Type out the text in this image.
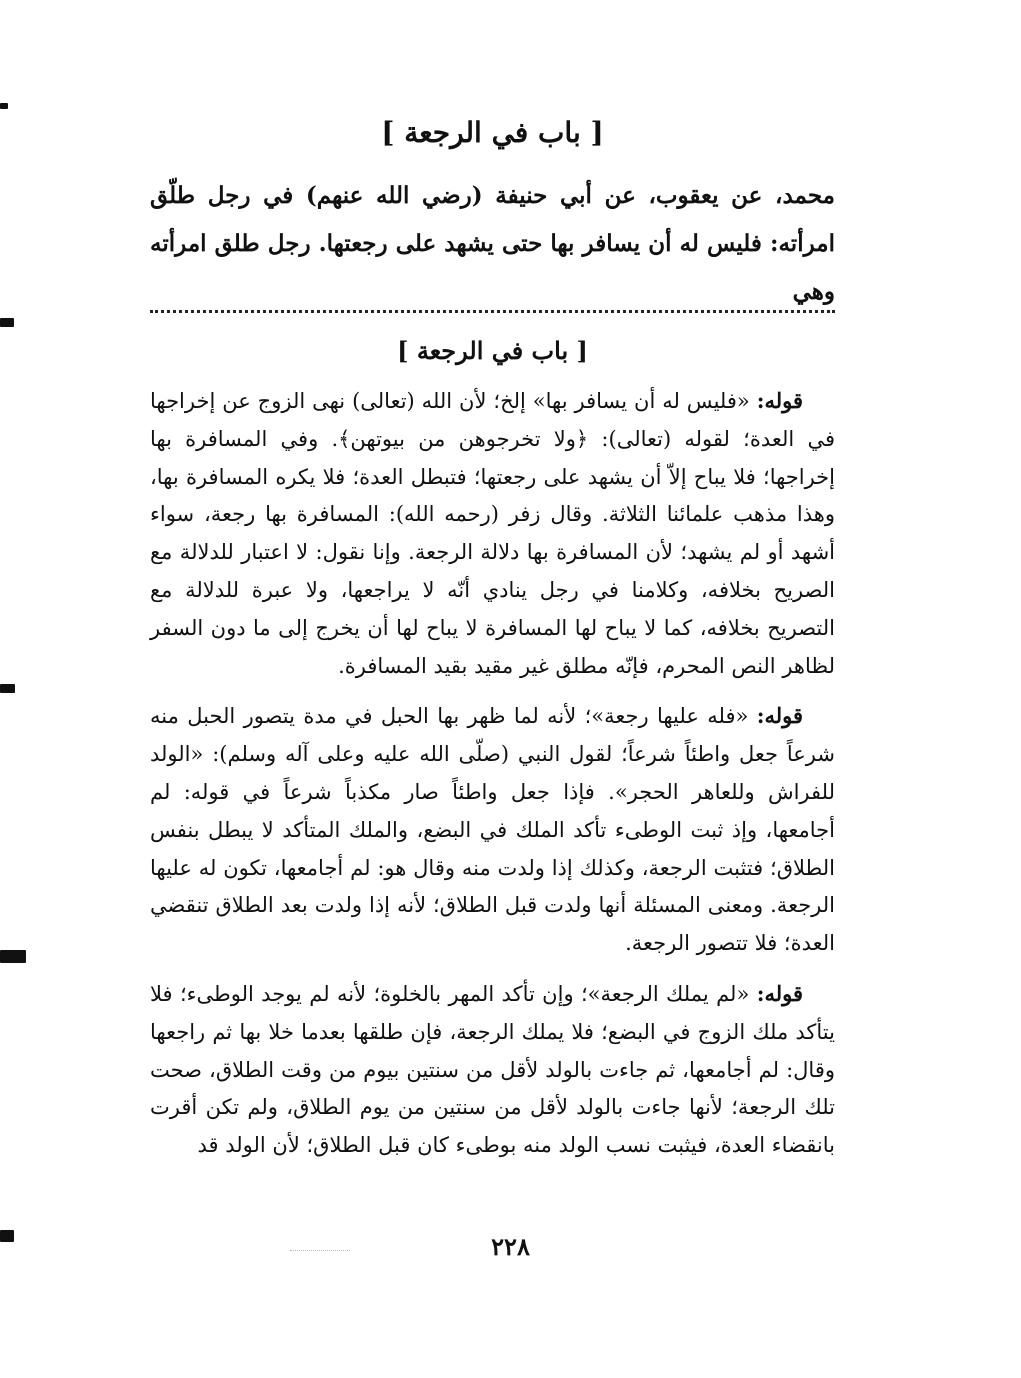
[ باب في الرجعة ]
محمد، عن يعقوب، عن أبي حنيفة (رضي الله عنهم) في رجل طلّق امرأته: فليس له أن يسافر بها حتى يشهد على رجعتها. رجل طلق امرأته وهي
[ باب في الرجعة ]

قوله: «فليس له أن يسافر بها» إلخ؛ لأن الله (تعالى) نهى الزوج عن إخراجها في العدة؛ لقوله (تعالى): ﴿ولا تخرجوهن من بيوتهن﴾. وفي المسافرة بها إخراجها؛ فلا يباح إلاّ أن يشهد على رجعتها؛ فتبطل العدة؛ فلا يكره المسافرة بها، وهذا مذهب علمائنا الثلاثة. وقال زفر (رحمه الله): المسافرة بها رجعة، سواء أشهد أو لم يشهد؛ لأن المسافرة بها دلالة الرجعة. وإنا نقول: لا اعتبار للدلالة مع الصريح بخلافه، وكلامنا في رجل ينادي أنّه لا يراجعها، ولا عبرة للدلالة مع التصريح بخلافه، كما لا يباح لها المسافرة لا يباح لها أن يخرج إلى ما دون السفر لظاهر النص المحرم، فإنّه مطلق غير مقيد بقيد المسافرة.

قوله: «فله عليها رجعة»؛ لأنه لما ظهر بها الحبل في مدة يتصور الحبل منه شرعاً جعل واطئاً شرعاً؛ لقول النبي (صلّى الله عليه وعلى آله وسلم): «الولد للفراش وللعاهر الحجر». فإذا جعل واطئاً صار مكذباً شرعاً في قوله: لم أجامعها، وإذ ثبت الوطىء تأكد الملك في البضع، والملك المتأكد لا يبطل بنفس الطلاق؛ فتثبت الرجعة، وكذلك إذا ولدت منه وقال هو: لم أجامعها، تكون له عليها الرجعة. ومعنى المسئلة أنها ولدت قبل الطلاق؛ لأنه إذا ولدت بعد الطلاق تنقضي العدة؛ فلا تتصور الرجعة.

قوله: «لم يملك الرجعة»؛ وإن تأكد المهر بالخلوة؛ لأنه لم يوجد الوطىء؛ فلا يتأكد ملك الزوج في البضع؛ فلا يملك الرجعة، فإن طلقها بعدما خلا بها ثم راجعها وقال: لم أجامعها، ثم جاءت بالولد لأقل من سنتين بيوم من وقت الطلاق، صحت تلك الرجعة؛ لأنها جاءت بالولد لأقل من سنتين من يوم الطلاق، ولم تكن أقرت بانقضاء العدة، فيثبت نسب الولد منه بوطىء كان قبل الطلاق؛ لأن الولد قد

٢٢٨
